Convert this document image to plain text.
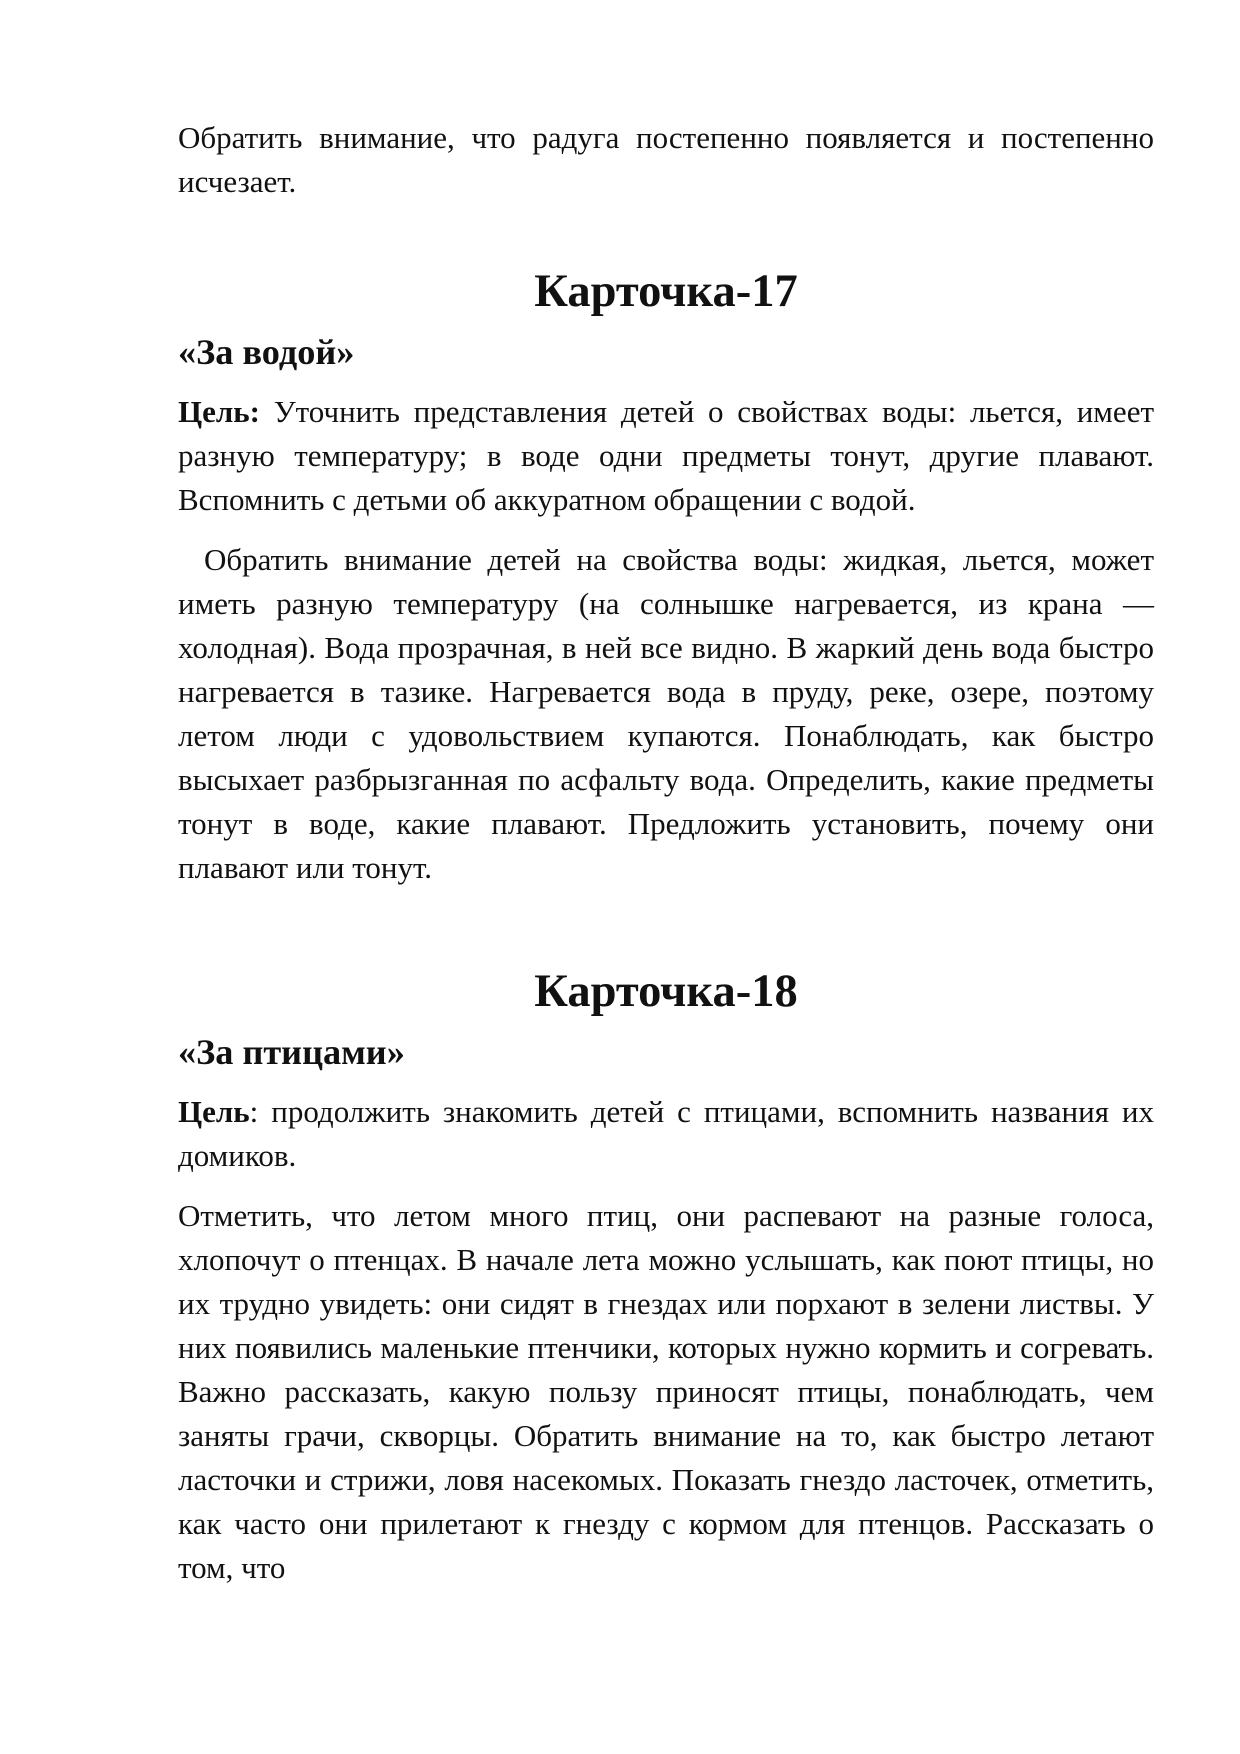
Обратить внимание, что радуга постепенно появляется и постепенно исчезает.

Карточка-17
«За водой»

Цель: Уточнить представления детей о свойствах воды: льется, имеет разную температуру; в воде одни предметы тонут, другие плавают. Вспомнить с детьми об аккуратном обращении с водой.

Обратить внимание детей на свойства воды: жидкая, льется, может иметь разную температуру (на солнышке нагревается, из крана — холодная). Вода прозрачная, в ней все видно. В жаркий день вода быстро нагревается в тазике. Нагревается вода в пруду, реке, озере, поэтому летом люди с удовольствием купаются. Понаблюдать, как быстро высыхает разбрызганная по асфальту вода. Определить, какие предметы тонут в воде, какие плавают. Предложить установить, почему они плавают или тонут.

Карточка-18
«За птицами»

Цель: продолжить знакомить детей с птицами, вспомнить названия их домиков.

Отметить, что летом много птиц, они распевают на разные голоса, хлопочут о птенцах. В начале лета можно услышать, как поют птицы, но их трудно увидеть: они сидят в гнездах или порхают в зелени листвы. У них появились маленькие птенчики, которых нужно кормить и согревать. Важно рассказать, какую пользу приносят птицы, понаблюдать, чем заняты грачи, скворцы. Обратить внимание на то, как быстро летают ласточки и стрижи, ловя насекомых. Показать гнездо ласточек, отметить, как часто они прилетают к гнезду с кормом для птенцов. Рассказать о том, что
